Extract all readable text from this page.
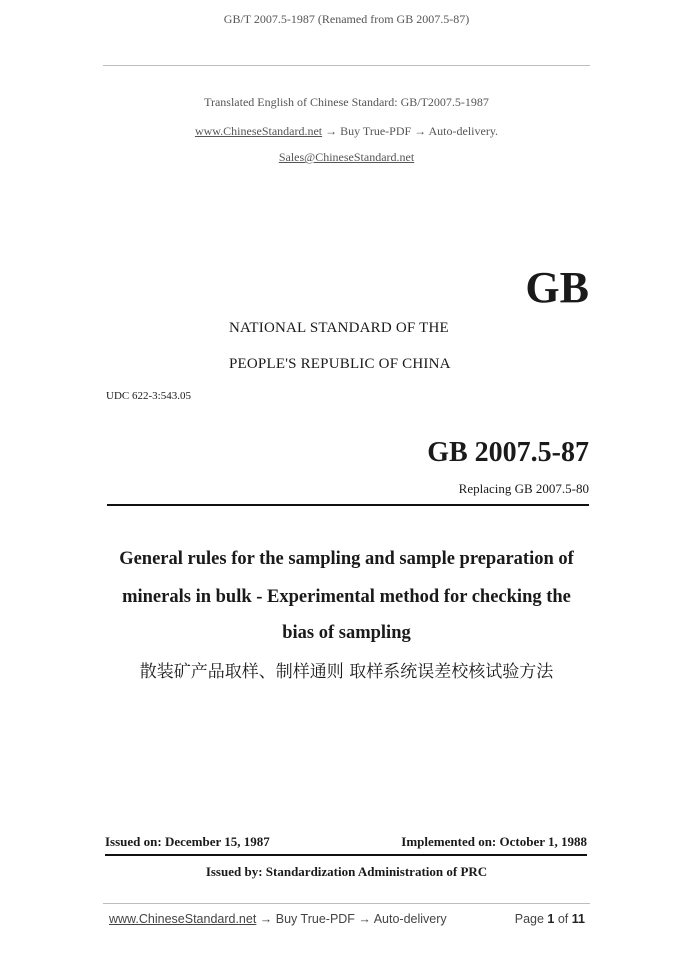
GB/T 2007.5-1987 (Renamed from GB 2007.5-87)
Translated English of Chinese Standard: GB/T2007.5-1987
www.ChineseStandard.net → Buy True-PDF → Auto-delivery.
Sales@ChineseStandard.net
GB
NATIONAL STANDARD OF THE
PEOPLE'S REPUBLIC OF CHINA
UDC 622-3:543.05
GB 2007.5-87
Replacing GB 2007.5-80
General rules for the sampling and sample preparation of
minerals in bulk - Experimental method for checking the
bias of sampling
散装矿产品取样、制样通则 取样系统误差校核试验方法
Issued on: December 15, 1987	Implemented on: October 1, 1988
Issued by: Standardization Administration of PRC
www.ChineseStandard.net → Buy True-PDF → Auto-delivery	Page 1 of 11
